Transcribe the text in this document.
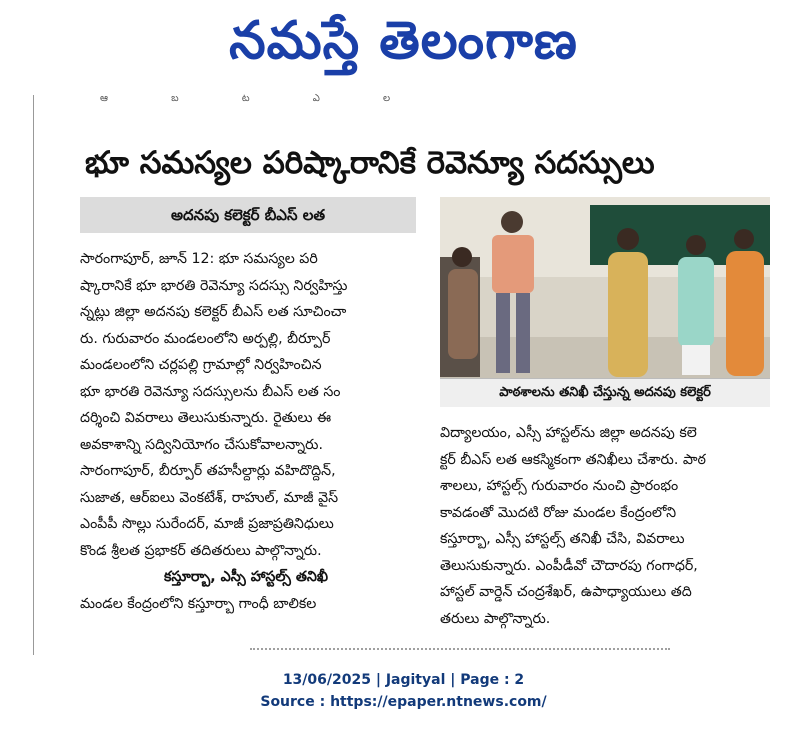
నమస్తే తెలంగాణ
ఆ బ ట ఎ ల
భూ సమస్యల పరిష్కారానికే రెవెన్యూ సదస్సులు
అదనపు కలెక్టర్ బీఎస్ లత
పాఠశాలను తనిఖీ చేస్తున్న అదనపు కలెక్టర్
సారంగాపూర్, జూన్ 12: భూ సమస్యల పరి
ష్కారానికే భూ భారతి రెవెన్యూ సదస్సు నిర్వహిస్తు
న్నట్లు జిల్లా అదనపు కలెక్టర్ బీఎస్ లత సూచించా
రు. గురువారం మండలంలోని అర్పల్లి, బీర్పూర్
మండలంలోని చర్లపల్లి గ్రామాల్లో నిర్వహించిన
భూ భారతి రెవెన్యూ సదస్సులను బీఎస్ లత సం
దర్శించి వివరాలు తెలుసుకున్నారు. రైతులు ఈ
అవకాశాన్ని సద్వినియోగం చేసుకోవాలన్నారు.
సారంగాపూర్, బీర్పూర్ తహసీల్దార్లు వహిదొద్దిన్,
సుజాత, ఆర్ఐలు వెంకటేశ్, రాహుల్, మాజీ వైస్
ఎంపీపీ సొల్లు సురేందర్, మాజీ ప్రజాప్రతినిధులు
కొండ శ్రీలత ప్రభాకర్ తదితరులు పాల్గొన్నారు.
కస్తూర్బా, ఎస్సీ హాస్టల్స్ తనిఖీ
మండల కేంద్రంలోని కస్తూర్బా గాంధీ బాలికల
విద్యాలయం, ఎస్సీ హాస్టల్‌ను జిల్లా అదనపు కలె
క్టర్ బీఎస్ లత ఆకస్మికంగా తనిఖీలు చేశారు. పాఠ
శాలలు, హాస్టల్స్ గురువారం నుంచి ప్రారంభం
కావడంతో మొదటి రోజు మండల కేంద్రంలోని
కస్తూర్బా, ఎస్సీ హాస్టల్స్ తనిఖీ చేసి, వివరాలు
తెలుసుకున్నారు. ఎంపీడీవో చౌదారపు గంగాధర్,
హాస్టల్ వార్డెన్ చంద్రశేఖర్, ఉపాధ్యాయులు తది
తరులు పాల్గొన్నారు.
13/06/2025 | Jagityal | Page : 2
Source : https://epaper.ntnews.com/
